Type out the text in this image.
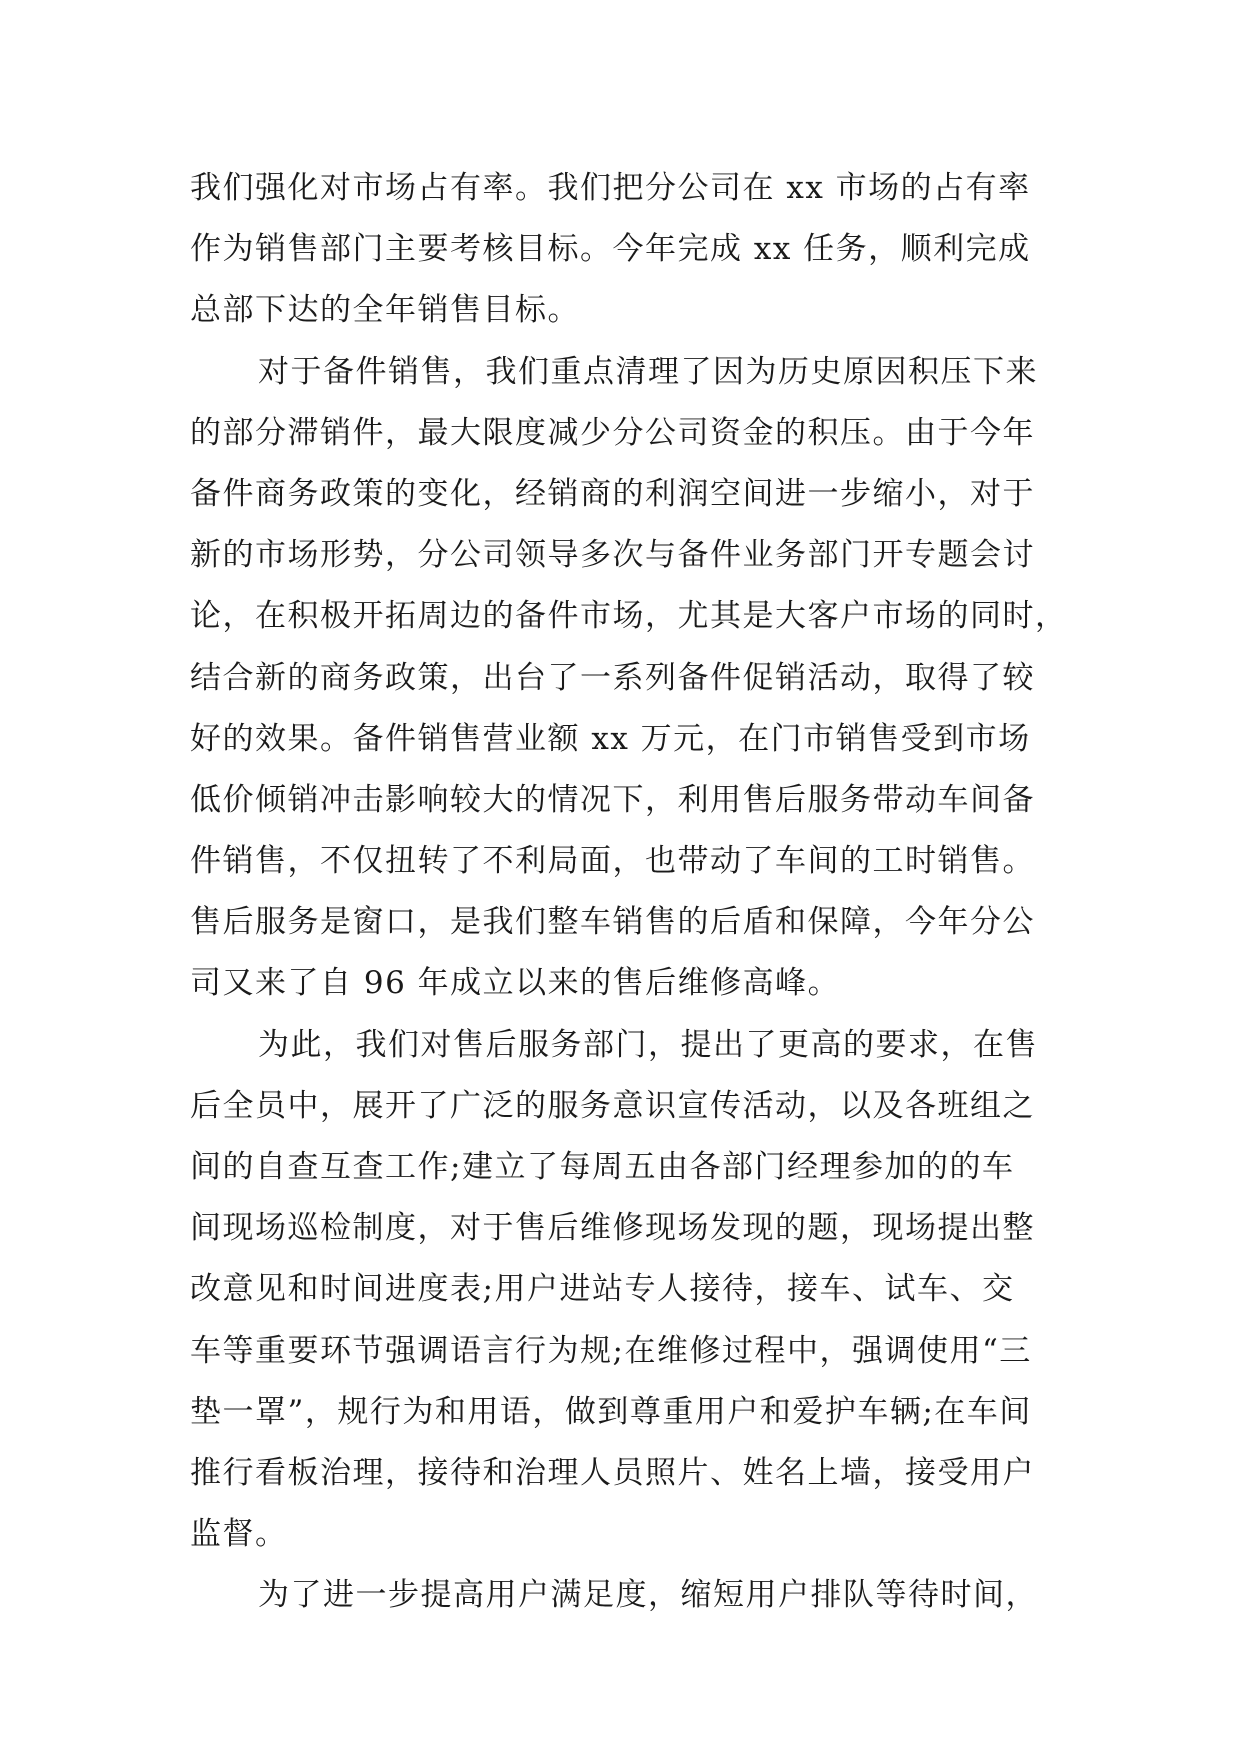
我们强化对市场占有率。我们把分公司在 xx 市场的占有率
作为销售部门主要考核目标。今年完成 xx 任务，顺利完成
总部下达的全年销售目标。
对于备件销售，我们重点清理了因为历史原因积压下来
的部分滞销件，最大限度减少分公司资金的积压。由于今年
备件商务政策的变化，经销商的利润空间进一步缩小，对于
新的市场形势，分公司领导多次与备件业务部门开专题会讨
论，在积极开拓周边的备件市场，尤其是大客户市场的同时，
结合新的商务政策，出台了一系列备件促销活动，取得了较
好的效果。备件销售营业额 xx 万元，在门市销售受到市场
低价倾销冲击影响较大的情况下，利用售后服务带动车间备
件销售，不仅扭转了不利局面，也带动了车间的工时销售。
售后服务是窗口，是我们整车销售的后盾和保障，今年分公
司又来了自 96 年成立以来的售后维修高峰。
为此，我们对售后服务部门，提出了更高的要求，在售
后全员中，展开了广泛的服务意识宣传活动，以及各班组之
间的自查互查工作;建立了每周五由各部门经理参加的的车
间现场巡检制度，对于售后维修现场发现的题，现场提出整
改意见和时间进度表;用户进站专人接待，接车、试车、交
车等重要环节强调语言行为规;在维修过程中，强调使用“三
垫一罩”，规行为和用语，做到尊重用户和爱护车辆;在车间
推行看板治理，接待和治理人员照片、姓名上墙，接受用户
监督。
为了进一步提高用户满足度，缩短用户排队等待时间，
